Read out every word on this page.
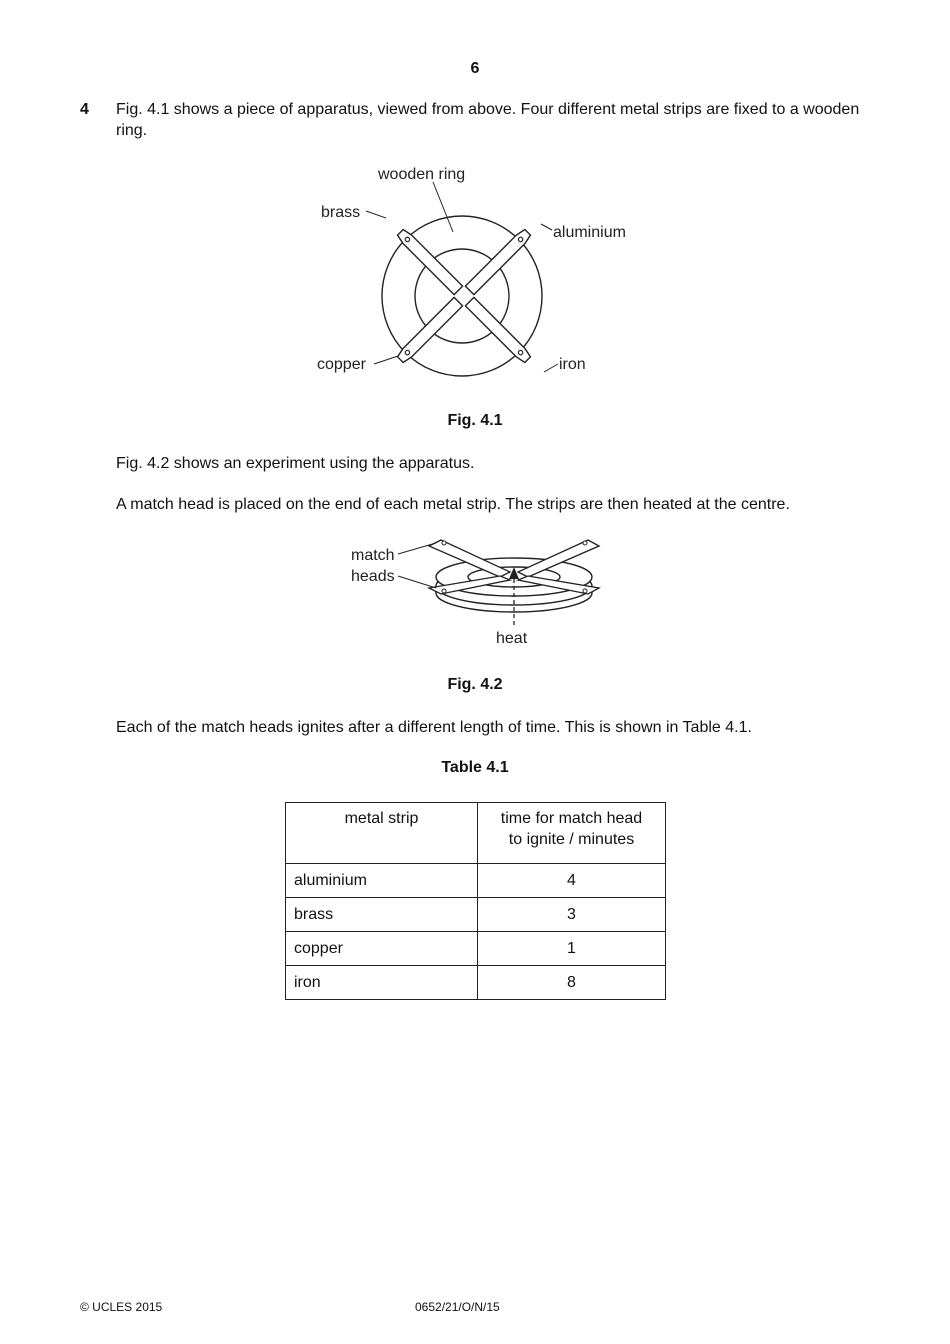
6
4 Fig. 4.1 shows a piece of apparatus, viewed from above. Four different metal strips are fixed to a wooden ring.
wooden ring
brass
aluminium
copper	iron
Fig. 4.1
Fig. 4.2 shows an experiment using the apparatus.
A match head is placed on the end of each metal strip. The strips are then heated at the centre.
match
heads
heat
Fig. 4.2
Each of the match heads ignites after a different length of time. This is shown in Table 4.1.
Table 4.1
metal strip	time for match head
to ignite / minutes

aluminium	4
brass	3
copper	1
iron	8
© UCLES 2015	0652/21/O/N/15
